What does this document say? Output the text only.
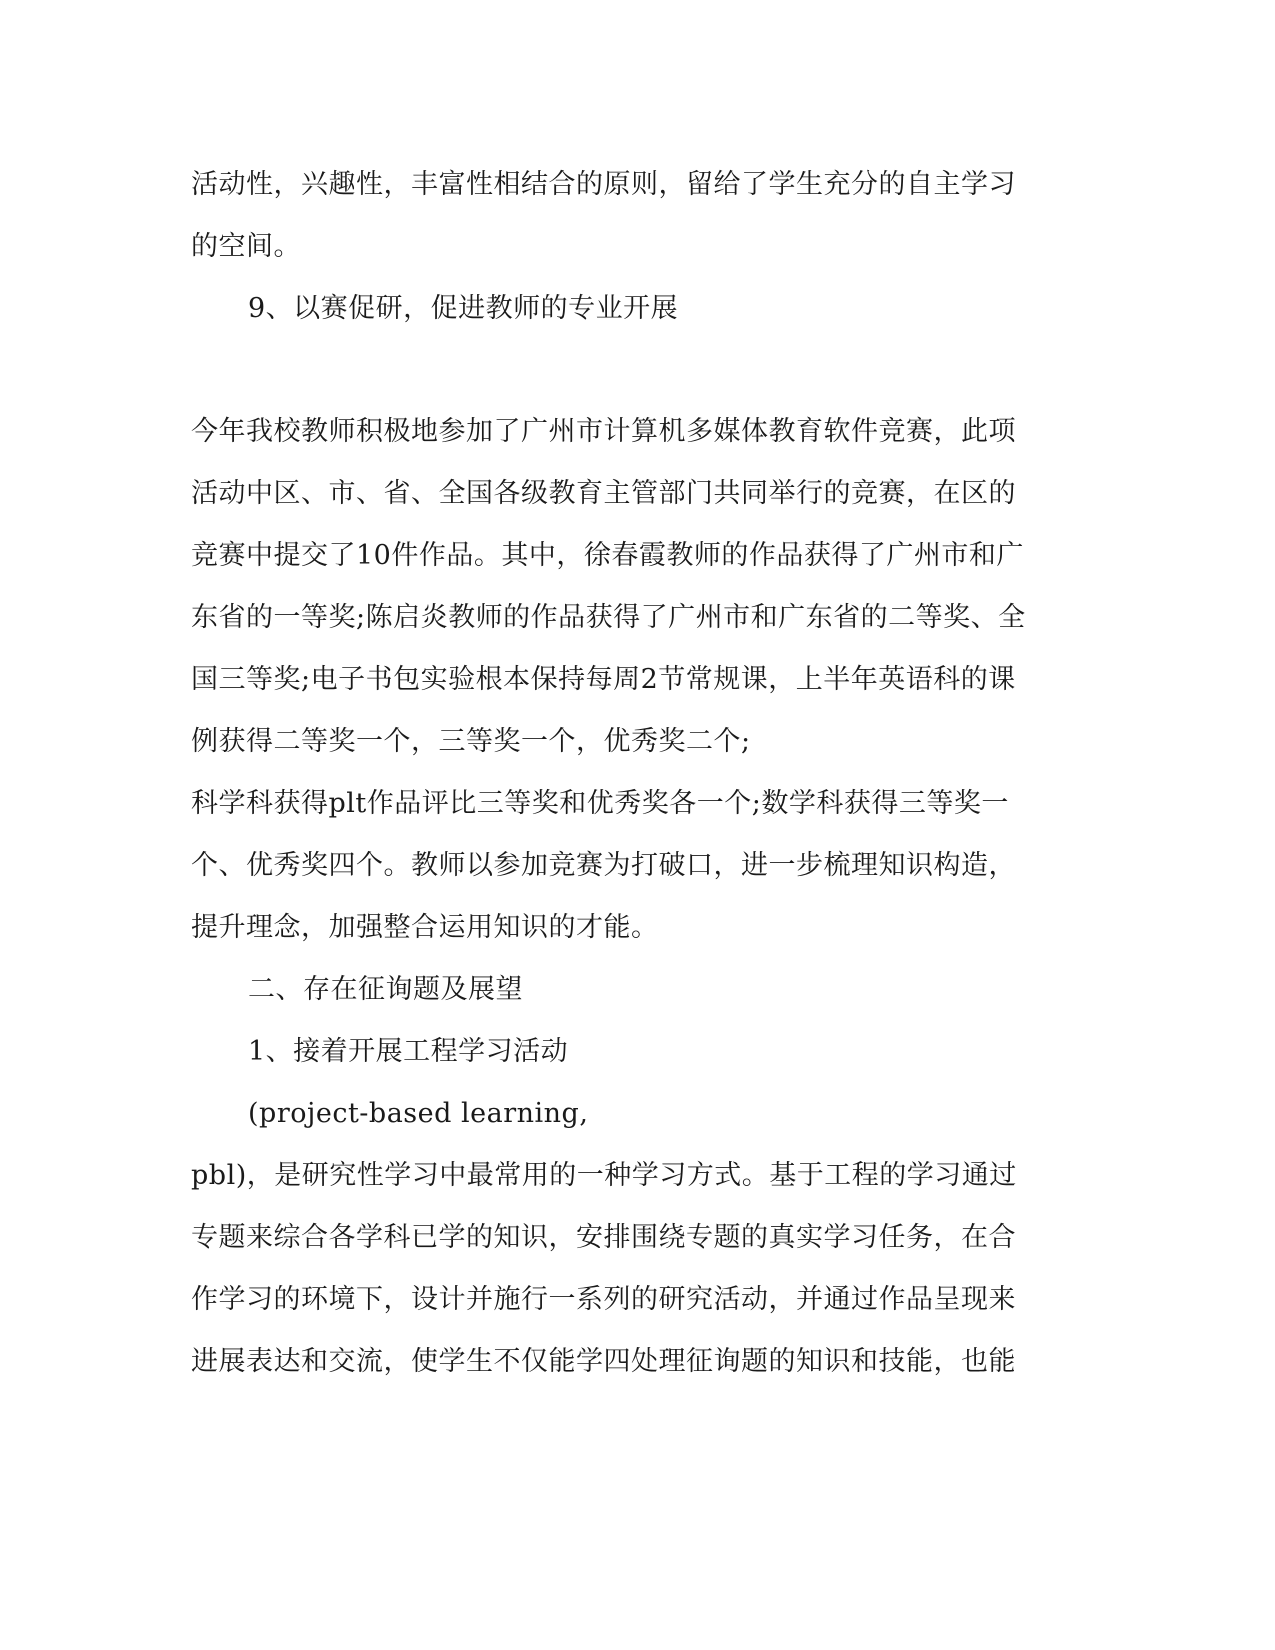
活动性，兴趣性，丰富性相结合的原则，留给了学生充分的自主学习
的空间。
9、以赛促研，促进教师的专业开展
今年我校教师积极地参加了广州市计算机多媒体教育软件竞赛，此项
活动中区、市、省、全国各级教育主管部门共同举行的竞赛，在区的
竞赛中提交了10件作品。其中，徐春霞教师的作品获得了广州市和广
东省的一等奖;陈启炎教师的作品获得了广州市和广东省的二等奖、全
国三等奖;电子书包实验根本保持每周2节常规课，上半年英语科的课
例获得二等奖一个，三等奖一个，优秀奖二个;
科学科获得plt作品评比三等奖和优秀奖各一个;数学科获得三等奖一
个、优秀奖四个。教师以参加竞赛为打破口，进一步梳理知识构造，
提升理念，加强整合运用知识的才能。
二、存在征询题及展望
1、接着开展工程学习活动
(project-based learning,
pbl)，是研究性学习中最常用的一种学习方式。基于工程的学习通过
专题来综合各学科已学的知识，安排围绕专题的真实学习任务，在合
作学习的环境下，设计并施行一系列的研究活动，并通过作品呈现来
进展表达和交流，使学生不仅能学四处理征询题的知识和技能，也能
